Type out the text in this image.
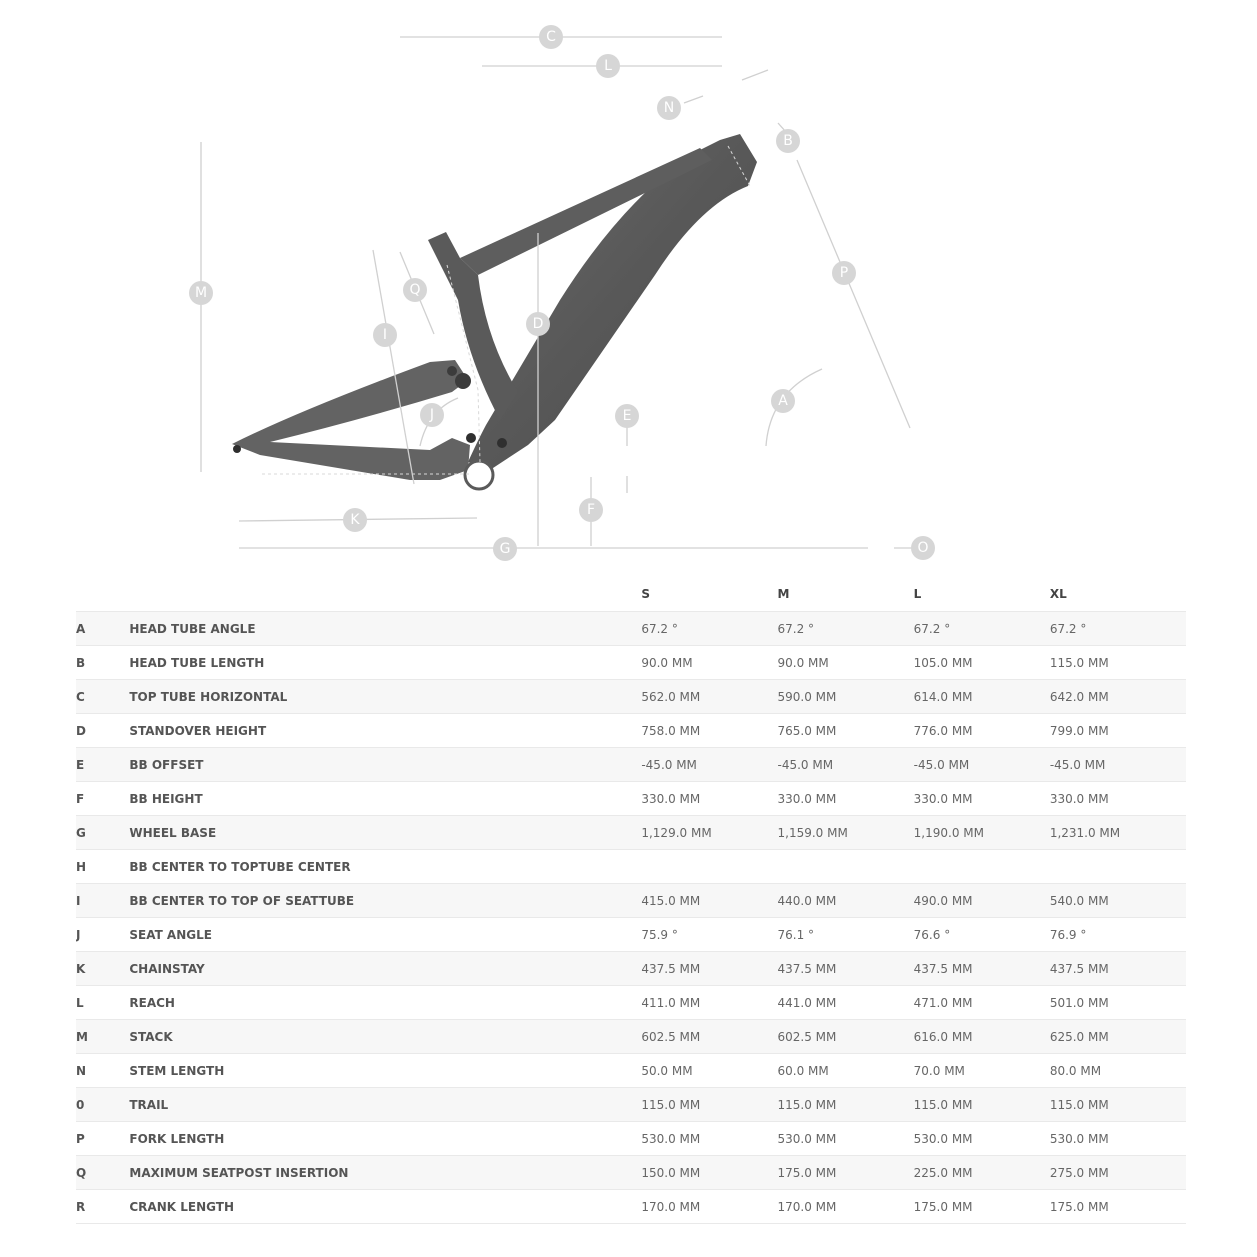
C
L
N
B
M	Q
I
D
P
J	E
A
F
K
G	O
		S	M	L	XL
A	HEAD TUBE ANGLE	67.2 °	67.2 °	67.2 °	67.2 °
B	HEAD TUBE LENGTH	90.0 MM	90.0 MM	105.0 MM	115.0 MM
C	TOP TUBE HORIZONTAL	562.0 MM	590.0 MM	614.0 MM	642.0 MM
D	STANDOVER HEIGHT	758.0 MM	765.0 MM	776.0 MM	799.0 MM
E	BB OFFSET	-45.0 MM	-45.0 MM	-45.0 MM	-45.0 MM
F	BB HEIGHT	330.0 MM	330.0 MM	330.0 MM	330.0 MM
G	WHEEL BASE	1,129.0 MM	1,159.0 MM	1,190.0 MM	1,231.0 MM
H	BB CENTER TO TOPTUBE CENTER				
I	BB CENTER TO TOP OF SEATTUBE	415.0 MM	440.0 MM	490.0 MM	540.0 MM
J	SEAT ANGLE	75.9 °	76.1 °	76.6 °	76.9 °
K	CHAINSTAY	437.5 MM	437.5 MM	437.5 MM	437.5 MM
L	REACH	411.0 MM	441.0 MM	471.0 MM	501.0 MM
M	STACK	602.5 MM	602.5 MM	616.0 MM	625.0 MM
N	STEM LENGTH	50.0 MM	60.0 MM	70.0 MM	80.0 MM
0	TRAIL	115.0 MM	115.0 MM	115.0 MM	115.0 MM
P	FORK LENGTH	530.0 MM	530.0 MM	530.0 MM	530.0 MM
Q	MAXIMUM SEATPOST INSERTION	150.0 MM	175.0 MM	225.0 MM	275.0 MM
R	CRANK LENGTH	170.0 MM	170.0 MM	175.0 MM	175.0 MM
